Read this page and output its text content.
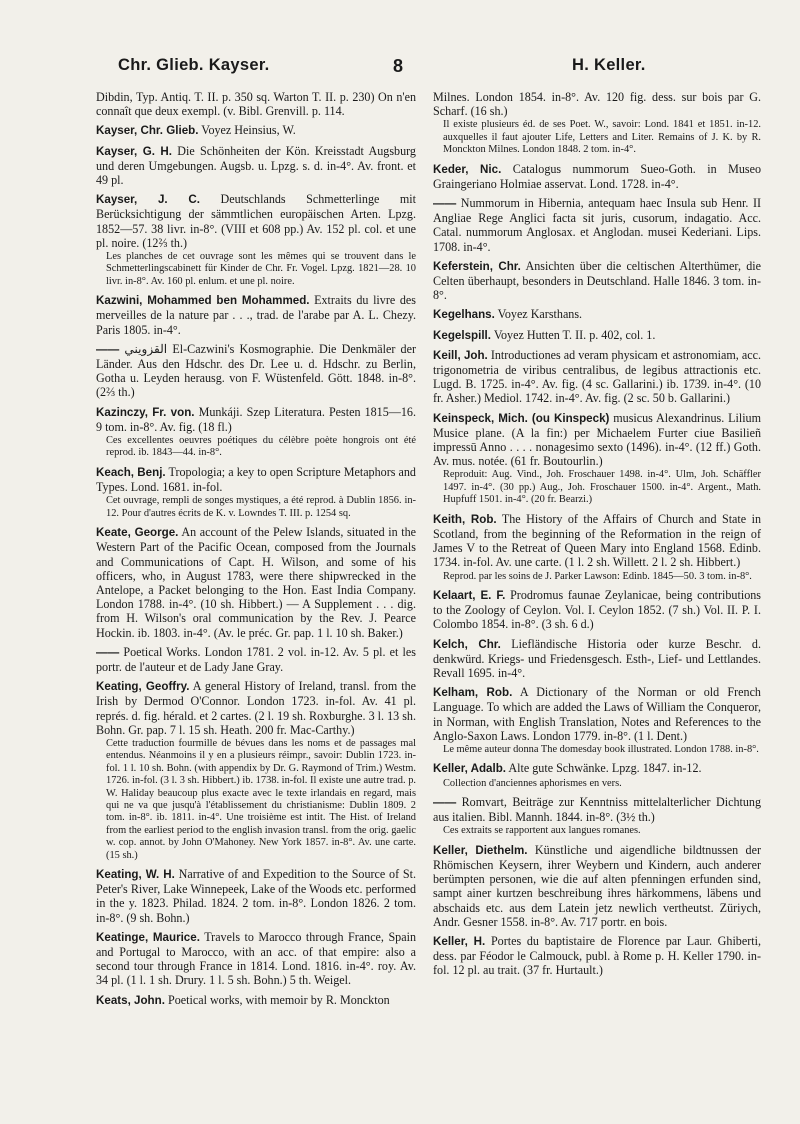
Chr. Glieb. Kayser.	8	H. Keller.

Dibdin, Typ. Antiq. T. II. p. 350 sq. Warton T. II. p. 230) On n'en connaît que deux exempl. (v. Bibl. Grenvill. p. 114.

Kayser, Chr. Glieb. Voyez Heinsius, W.

Kayser, G. H. Die Schönheiten der Kön. Kreisstadt Augsburg und deren Umgebungen. Augsb. u. Lpzg. s. d. in-4°. Av. front. et 49 pl.

Kayser, J. C. Deutschlands Schmetterlinge mit Berücksichtigung der sämmtlichen europäischen Arten. Lpzg. 1852—57. 38 livr. in-8°. (VIII et 608 pp.) Av. 152 pl. col. et une pl. noire. (12⅔ th.)
Les planches de cet ouvrage sont les mêmes qui se trouvent dans le Schmetterlingscabinett für Kinder de Chr. Fr. Vogel. Lpzg. 1821—28. 10 livr. in-8°. Av. 160 pl. enlum. et une pl. noire.

Kazwini, Mohammed ben Mohammed. Extraits du livre des merveilles de la nature par . . ., trad. de l'arabe par A. L. Chezy. Paris 1805. in-4°.

—— القزويني El-Cazwini's Kosmographie. Die Denkmäler der Länder. Aus den Hdschr. des Dr. Lee u. d. Hdschr. zu Berlin, Gotha u. Leyden herausg. von F. Wüstenfeld. Gött. 1848. in-8°. (2⅔ th.)

Kazinczy, Fr. von. Munkáji. Szep Literatura. Pesten 1815—16. 9 tom. in-8°. Av. fig. (18 fl.)
Ces excellentes oeuvres poétiques du célèbre poète hongrois ont été reprod. ib. 1843—44. in-8°.

Keach, Benj. Tropologia; a key to open Scripture Metaphors and Types. Lond. 1681. in-fol.
Cet ouvrage, rempli de songes mystiques, a été reprod. à Dublin 1856. in-12. Pour d'autres écrits de K. v. Lowndes T. III. p. 1254 sq.

Keate, George. An account of the Pelew Islands, situated in the Western Part of the Pacific Ocean, composed from the Journals and Communications of Capt. H. Wilson, and some of his officers, who, in August 1783, were there shipwrecked in the Antelope, a Packet belonging to the Hon. East India Company. London 1788. in-4°. (10 sh. Hibbert.) — A Supplement . . . dig. from H. Wilson's oral communication by the Rev. J. Pearce Hockin. ib. 1803. in-4°. (Av. le préc. Gr. pap. 1 l. 10 sh. Baker.)

—— Poetical Works. London 1781. 2 vol. in-12. Av. 5 pl. et les portr. de l'auteur et de Lady Jane Gray.

Keating, Geoffry. A general History of Ireland, transl. from the Irish by Dermod O'Connor. London 1723. in-fol. Av. 41 pl. représ. d. fig. hérald. et 2 cartes. (2 l. 19 sh. Roxburghe. 3 l. 13 sh. Bohn. Gr. pap. 7 l. 15 sh. Heath. 200 fr. Mac-Carthy.)
Cette traduction fourmille de bévues dans les noms et de passages mal entendus. Néanmoins il y en a plusieurs réimpr., savoir: Dublin 1723. in-fol. 1 l. 10 sh. Bohn. (with appendix by Dr. G. Raymond of Trim.) Westm. 1726. in-fol. (3 l. 3 sh. Hibbert.) ib. 1738. in-fol. Il existe une autre trad. p. W. Haliday beaucoup plus exacte avec le texte irlandais en regard, mais qui ne va que jusqu'à l'établissement du christianisme: Dublin 1809. 2 tom. in-8°. ib. 1811. in-4°. Une troisième est intit. The Hist. of Ireland from the earliest period to the english invasion transl. from the orig. gaelic w. cop. annot. by John O'Mahoney. New York 1857. in-8°. Av. une carte. (15 sh.)

Keating, W. H. Narrative of and Expedition to the Source of St. Peter's River, Lake Winnepeek, Lake of the Woods etc. performed in the y. 1823. Philad. 1824. 2 tom. in-8°. London 1826. 2 tom. in-8°. (9 sh. Bohn.)

Keatinge, Maurice. Travels to Marocco through France, Spain and Portugal to Marocco, with an acc. of that empire: also a second tour through France in 1814. Lond. 1816. in-4°. roy. Av. 34 pl. (1 l. 1 sh. Drury. 1 l. 5 sh. Bohn.) 5 th. Weigel.

Keats, John. Poetical works, with memoir by R. Monckton

Milnes. London 1854. in-8°. Av. 120 fig. dess. sur bois par G. Scharf. (16 sh.)
Il existe plusieurs éd. de ses Poet. W., savoir: Lond. 1841 et 1851. in-12. auxquelles il faut ajouter Life, Letters and Liter. Remains of J. K. by R. Monckton Milnes. London 1848. 2 tom. in-4°.

Keder, Nic. Catalogus nummorum Sueo-Goth. in Museo Graingeriano Holmiae asservat. Lond. 1728. in-4°.

—— Nummorum in Hibernia, antequam haec Insula sub Henr. II Angliae Rege Anglici facta sit juris, cusorum, indagatio. Acc. Catal. nummorum Anglosax. et Anglodan. musei Kederiani. Lips. 1708. in-4°.

Keferstein, Chr. Ansichten über die celtischen Alterthümer, die Celten überhaupt, besonders in Deutschland. Halle 1846. 3 tom. in-8°.

Kegelhans. Voyez Karsthans.

Kegelspill. Voyez Hutten T. II. p. 402, col. 1.

Keill, Joh. Introductiones ad veram physicam et astronomiam, acc. trigonometria de viribus centralibus, de legibus attractionis etc. Lugd. B. 1725. in-4°. Av. fig. (4 sc. Gallarini.) ib. 1739. in-4°. (10 fr. Asher.) Mediol. 1742. in-4°. Av. fig. (2 sc. 50 b. Gallarini.)

Keinspeck, Mich. (ou Kinspeck) musicus Alexandrinus. Lilium Musice plane. (A la fin:) per Michaelem Furter ciue Basilieñ impressū Anno . . . . nonagesimo sexto (1496). in-4°. (12 ff.) Goth. Av. mus. notée. (61 fr. Boutourlin.)
Reproduit: Aug. Vind., Joh. Froschauer 1498. in-4°. Ulm, Joh. Schäffler 1497. in-4°. (30 pp.) Aug., Joh. Froschauer 1500. in-4°. Argent., Math. Hupfuff 1501. in-4°. (20 fr. Bearzi.)

Keith, Rob. The History of the Affairs of Church and State in Scotland, from the beginning of the Reformation in the reign of James V to the Retreat of Queen Mary into England 1568. Edinb. 1734. in-fol. Av. une carte. (1 l. 2 sh. Willett. 2 l. 2 sh. Hibbert.)
Reprod. par les soins de J. Parker Lawson: Edinb. 1845—50. 3 tom. in-8°.

Kelaart, E. F. Prodromus faunae Zeylanicae, being contributions to the Zoology of Ceylon. Vol. I. Ceylon 1852. (7 sh.) Vol. II. P. I. Colombo 1854. in-8°. (3 sh. 6 d.)

Kelch, Chr. Liefländische Historia oder kurze Beschr. d. denkwürd. Kriegs- und Friedensgesch. Esth-, Lief- und Lettlandes. Revall 1695. in-4°.

Kelham, Rob. A Dictionary of the Norman or old French Language. To which are added the Laws of William the Conqueror, in Norman, with English Translation, Notes and References to the Anglo-Saxon Laws. London 1779. in-8°. (1 l. Dent.)
Le même auteur donna The domesday book illustrated. London 1788. in-8°.

Keller, Adalb. Alte gute Schwänke. Lpzg. 1847. in-12.
Collection d'anciennes aphorismes en vers.

—— Romvart, Beiträge zur Kenntniss mittelalterlicher Dichtung aus italien. Bibl. Mannh. 1844. in-8°. (3½ th.)
Ces extraits se rapportent aux langues romanes.

Keller, Diethelm. Künstliche und aigendliche bildtnussen der Rhömischen Keysern, ihrer Weybern und Kindern, auch anderer berümpten personen, wie die auf alten pfenningen erfunden sind, sampt ainer kurtzen beschreibung ihres härkommens, läbens und abschaids etc. aus dem Latein jetz newlich vertheutst. Züriych, Andr. Gesner 1558. in-8°. Av. 717 portr. en bois.

Keller, H. Portes du baptistaire de Florence par Laur. Ghiberti, dess. par Féodor le Calmouck, publ. à Rome p. H. Keller 1790. in-fol. 12 pl. au trait. (37 fr. Hurtault.)
